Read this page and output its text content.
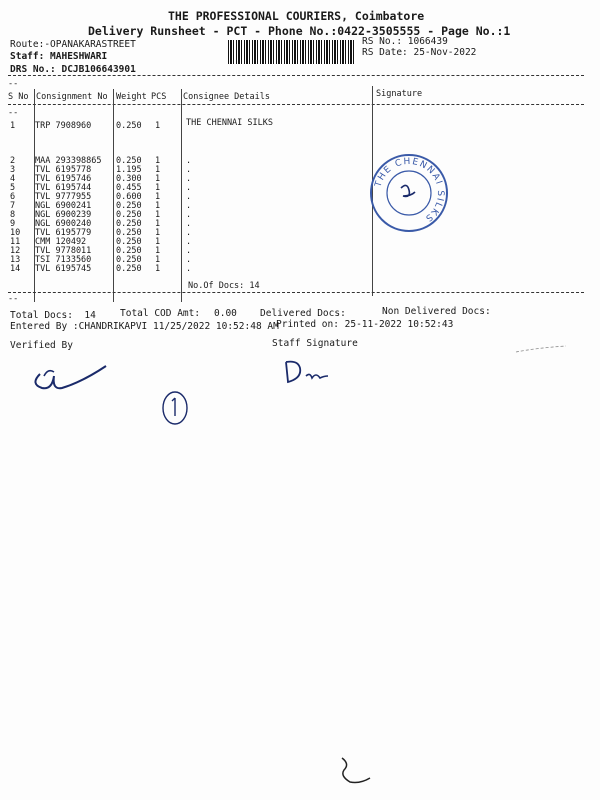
THE PROFESSIONAL COURIERS, Coimbatore
Delivery Runsheet - PCT - Phone No.:0422-3505555 - Page No.:1
Route:-OPANAKARASTREET
Staff: MAHESHWARI
DRS No.: DCJB106643901
RS No.: 1066439
RS Date: 25-Nov-2022
--
S No Consignment No Weight PCS Consignee Details	Signature
--
1 TRP 7908960	0.250 1	THE CHENNAI SILKS
2 MAA 293398865 0.250 1	.
3 TVL 6195778	1.195 1	.
4 TVL 6195746	0.300 1	.
5 TVL 6195744	0.455 1	.
6 TVL 9777955	0.600 1	.
7 NGL 6900241	0.250 1	.
8 NGL 6900239	0.250 1	.
9 NGL 6900240	0.250 1	.
10 TVL 6195779	0.250 1	.
11 CMM 120492	0.250 1	.
12 TVL 9778011	0.250 1	.
13 TSI 7133560	0.250 1	.
14 TVL 6195745	0.250 1	.
No.Of Docs: 14
--
Total Docs:  14	Total COD Amt: 0.00 Delivered Docs:	Non Delivered Docs:
Entered By :CHANDRIKAPVI 11/25/2022 10:52:48 AM
Printed on: 25-11-2022 10:52:43
Verified By	Staff Signature
THE CHENNAI SILKS
